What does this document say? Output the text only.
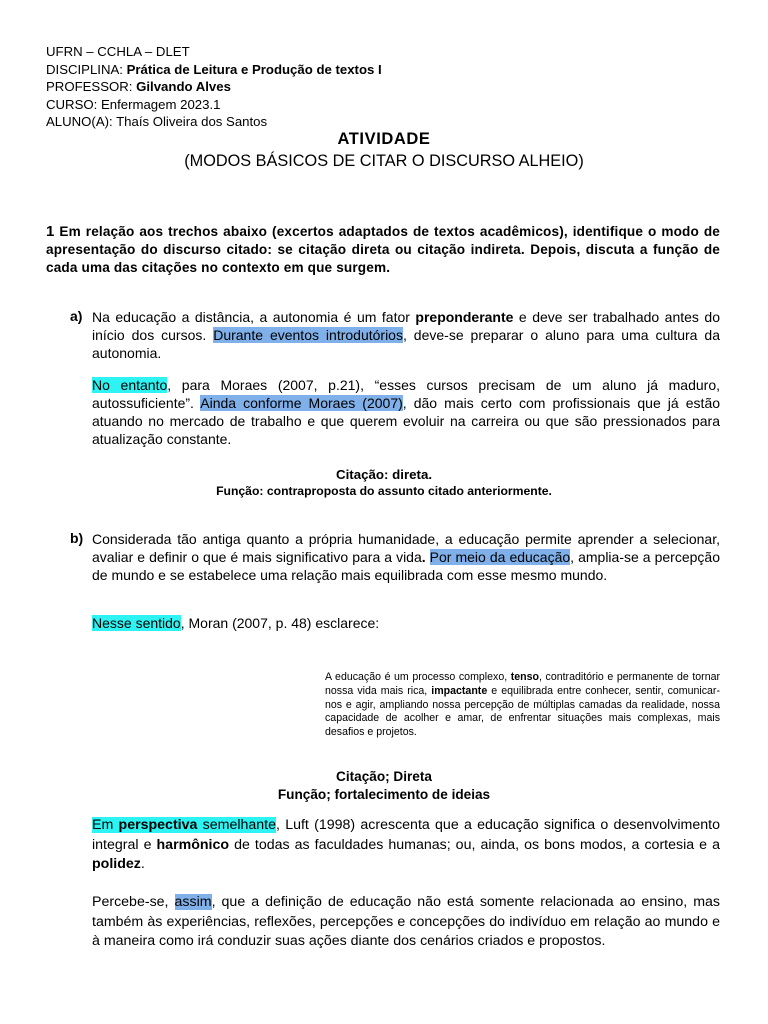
UFRN – CCHLA – DLET
DISCIPLINA: Prática de Leitura e Produção de textos I
PROFESSOR: Gilvando Alves
CURSO: Enfermagem 2023.1
ALUNO(A): Thaís Oliveira dos Santos
ATIVIDADE
(MODOS BÁSICOS DE CITAR O DISCURSO ALHEIO)
1 Em relação aos trechos abaixo (excertos adaptados de textos acadêmicos), identifique o modo de apresentação do discurso citado: se citação direta ou citação indireta. Depois, discuta a função de cada uma das citações no contexto em que surgem.
a) Na educação a distância, a autonomia é um fator preponderante e deve ser trabalhado antes do início dos cursos. Durante eventos introdutórios, deve-se preparar o aluno para uma cultura da autonomia.
No entanto, para Moraes (2007, p.21), “esses cursos precisam de um aluno já maduro, autossuficiente”. Ainda conforme Moraes (2007), dão mais certo com profissionais que já estão atuando no mercado de trabalho e que querem evoluir na carreira ou que são pressionados para atualização constante.
Citação: direta.
Função: contraproposta do assunto citado anteriormente.
b) Considerada tão antiga quanto a própria humanidade, a educação permite aprender a selecionar, avaliar e definir o que é mais significativo para a vida. Por meio da educação, amplia-se a percepção de mundo e se estabelece uma relação mais equilibrada com esse mesmo mundo.
Nesse sentido, Moran (2007, p. 48) esclarece:
A educação é um processo complexo, tenso, contraditório e permanente de tornar nossa vida mais rica, impactante e equilibrada entre conhecer, sentir, comunicar-nos e agir, ampliando nossa percepção de múltiplas camadas da realidade, nossa capacidade de acolher e amar, de enfrentar situações mais complexas, mais desafios e projetos.
Citação; Direta
Função; fortalecimento de ideias
Em perspectiva semelhante, Luft (1998) acrescenta que a educação significa o desenvolvimento integral e harmônico de todas as faculdades humanas; ou, ainda, os bons modos, a cortesia e a polidez.
Percebe-se, assim, que a definição de educação não está somente relacionada ao ensino, mas também às experiências, reflexões, percepções e concepções do indivíduo em relação ao mundo e à maneira como irá conduzir suas ações diante dos cenários criados e propostos.
